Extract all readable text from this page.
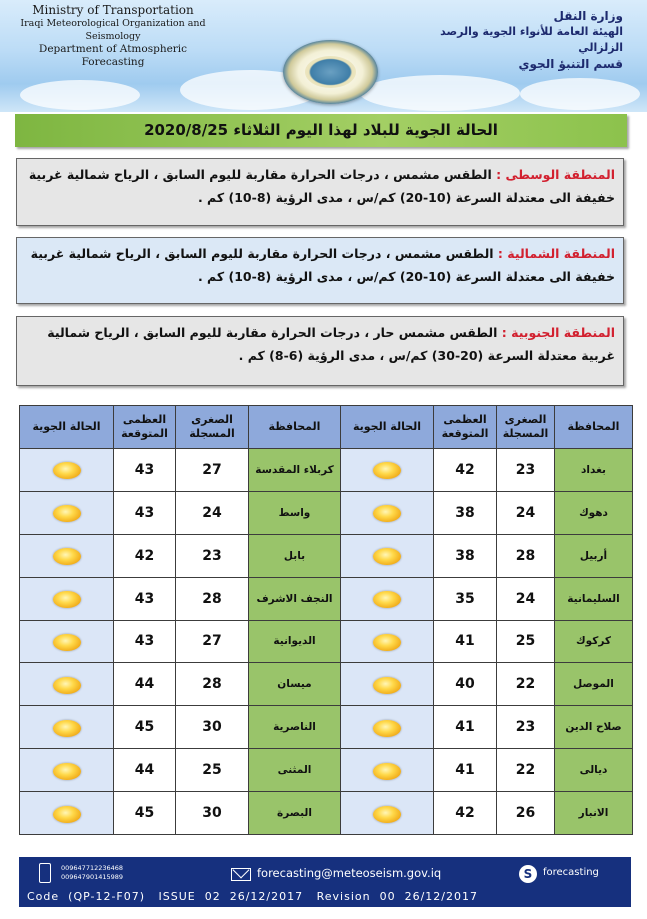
Ministry of Transportation
Iraqi Meteorological Organization and Seismology
Department of Atmospheric Forecasting
وزارة النقل
الهيئة العامة للأنواء الجوية والرصد الزلزالي
قسم التنبؤ الجوي
الحالة الجوية للبلاد لهذا اليوم الثلاثاء 2020/8/25
المنطقة الوسطى : الطقس مشمس ، درجات الحرارة مقاربة لليوم السابق ، الرياح شمالية غربية خفيفة الى معتدلة السرعة (10-20) كم/س ، مدى الرؤية (8-10) كم .
المنطقة الشمالية : الطقس مشمس ، درجات الحرارة مقاربة لليوم السابق ، الرياح شمالية غربية خفيفة الى معتدلة السرعة (10-20) كم/س ، مدى الرؤية (8-10) كم .
المنطقة الجنوبية : الطقس مشمس حار ، درجات الحرارة مقاربة لليوم السابق ، الرياح شمالية غربية معتدلة السرعة (20-30) كم/س ، مدى الرؤية (6-8) كم .
المحافظة	الصغرى المسجلة	العظمى المتوقعة	الحالة الجوية	المحافظة	الصغرى المسجلة	العظمى المتوقعة	الحالة الجوية
بغداد	23	42		كربلاء المقدسة	27	43	
دهوك	24	38		واسط	24	43	
أربيل	28	38		بابل	23	42	
السليمانية	24	35		النجف الاشرف	28	43	
كركوك	25	41		الديوانية	27	43	
الموصل	22	40		ميسان	28	44	
صلاح الدين	23	41		الناصرية	30	45	
ديالى	22	41		المثنى	25	44	
الانبار	26	42		البصرة	30	45	
009647712236468
009647901415989	forecasting@meteoseism.gov.iq	S	forecasting
Code  (QP-12-F07)   ISSUE  02  26/12/2017   Revision  00  26/12/2017
